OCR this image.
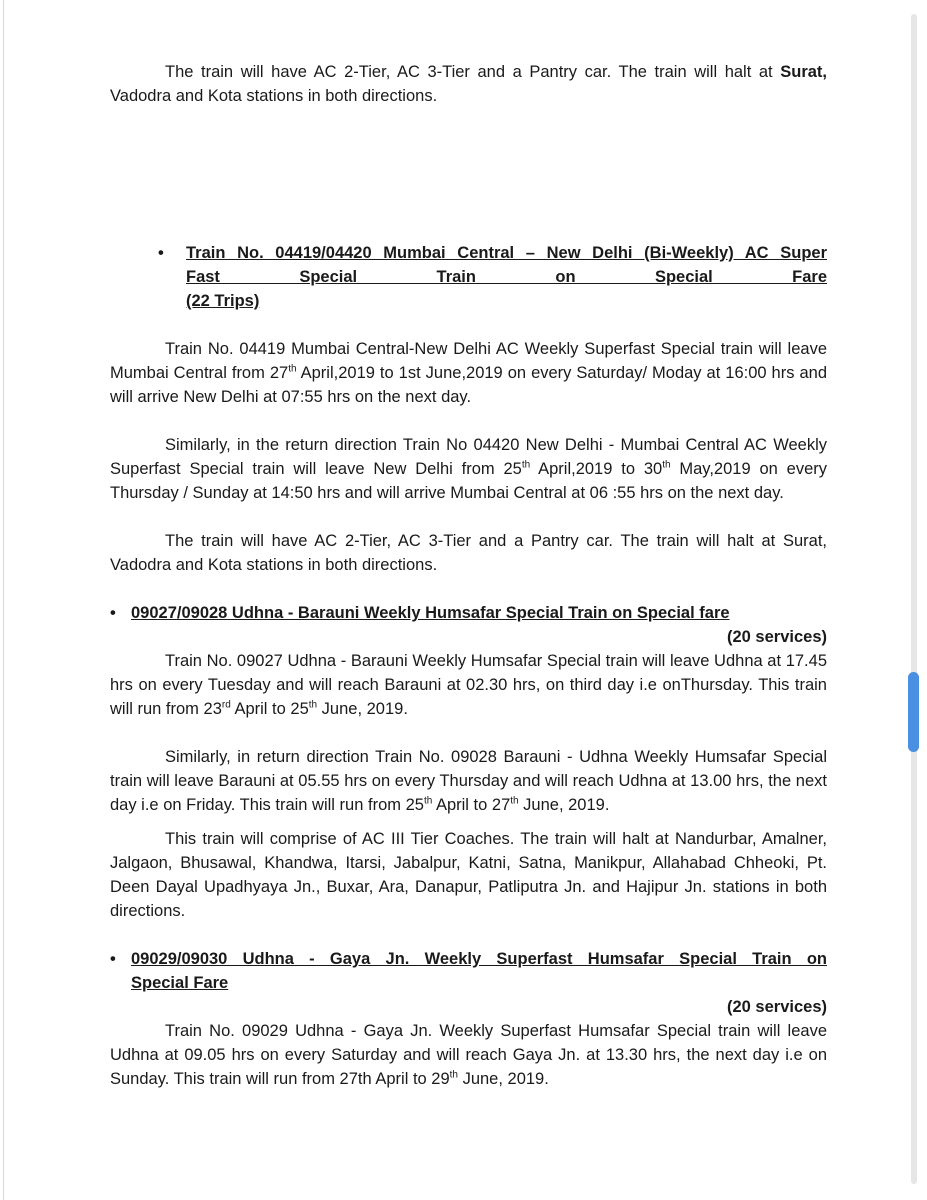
The train will have AC 2-Tier, AC 3-Tier and a Pantry car. The train will halt at Surat, Vadodra and Kota stations in both directions.

• Train No. 04419/04420 Mumbai Central – New Delhi (Bi-Weekly) AC Super
Fast Special Train on Special Fare
(22 Trips)

Train No. 04419 Mumbai Central-New Delhi AC Weekly Superfast Special train will leave Mumbai Central from 27th April,2019 to 1st June,2019 on every Saturday/ Moday at 16:00 hrs and will arrive New Delhi at 07:55 hrs on the next day.

Similarly, in the return direction Train No 04420 New Delhi - Mumbai Central AC Weekly Superfast Special train will leave New Delhi from 25th April,2019 to 30th May,2019 on every Thursday / Sunday at 14:50 hrs and will arrive Mumbai Central at 06 :55 hrs on the next day.

The train will have AC 2-Tier, AC 3-Tier and a Pantry car. The train will halt at Surat, Vadodra and Kota stations in both directions.

• 09027/09028 Udhna - Barauni Weekly Humsafar Special Train on Special fare
(20 services)

Train No. 09027 Udhna - Barauni Weekly Humsafar Special train will leave Udhna at 17.45 hrs on every Tuesday and will reach Barauni at 02.30 hrs, on third day i.e onThursday. This train will run from 23rd April to 25th June, 2019.

Similarly, in return direction Train No. 09028 Barauni - Udhna Weekly Humsafar Special train will leave Barauni at 05.55 hrs on every Thursday and will reach Udhna at 13.00 hrs, the next day i.e on Friday. This train will run from 25th April to 27th June, 2019.

This train will comprise of AC III Tier Coaches. The train will halt at Nandurbar, Amalner, Jalgaon, Bhusawal, Khandwa, Itarsi, Jabalpur, Katni, Satna, Manikpur, Allahabad Chheoki, Pt. Deen Dayal Upadhyaya Jn., Buxar, Ara, Danapur, Patliputra Jn. and Hajipur Jn. stations in both directions.

• 09029/09030 Udhna - Gaya Jn. Weekly Superfast Humsafar Special Train on
Special Fare
(20 services)

Train No. 09029 Udhna - Gaya Jn. Weekly Superfast Humsafar Special train will leave Udhna at 09.05 hrs on every Saturday and will reach Gaya Jn. at 13.30 hrs, the next day i.e on Sunday. This train will run from 27th April to 29th June, 2019.
